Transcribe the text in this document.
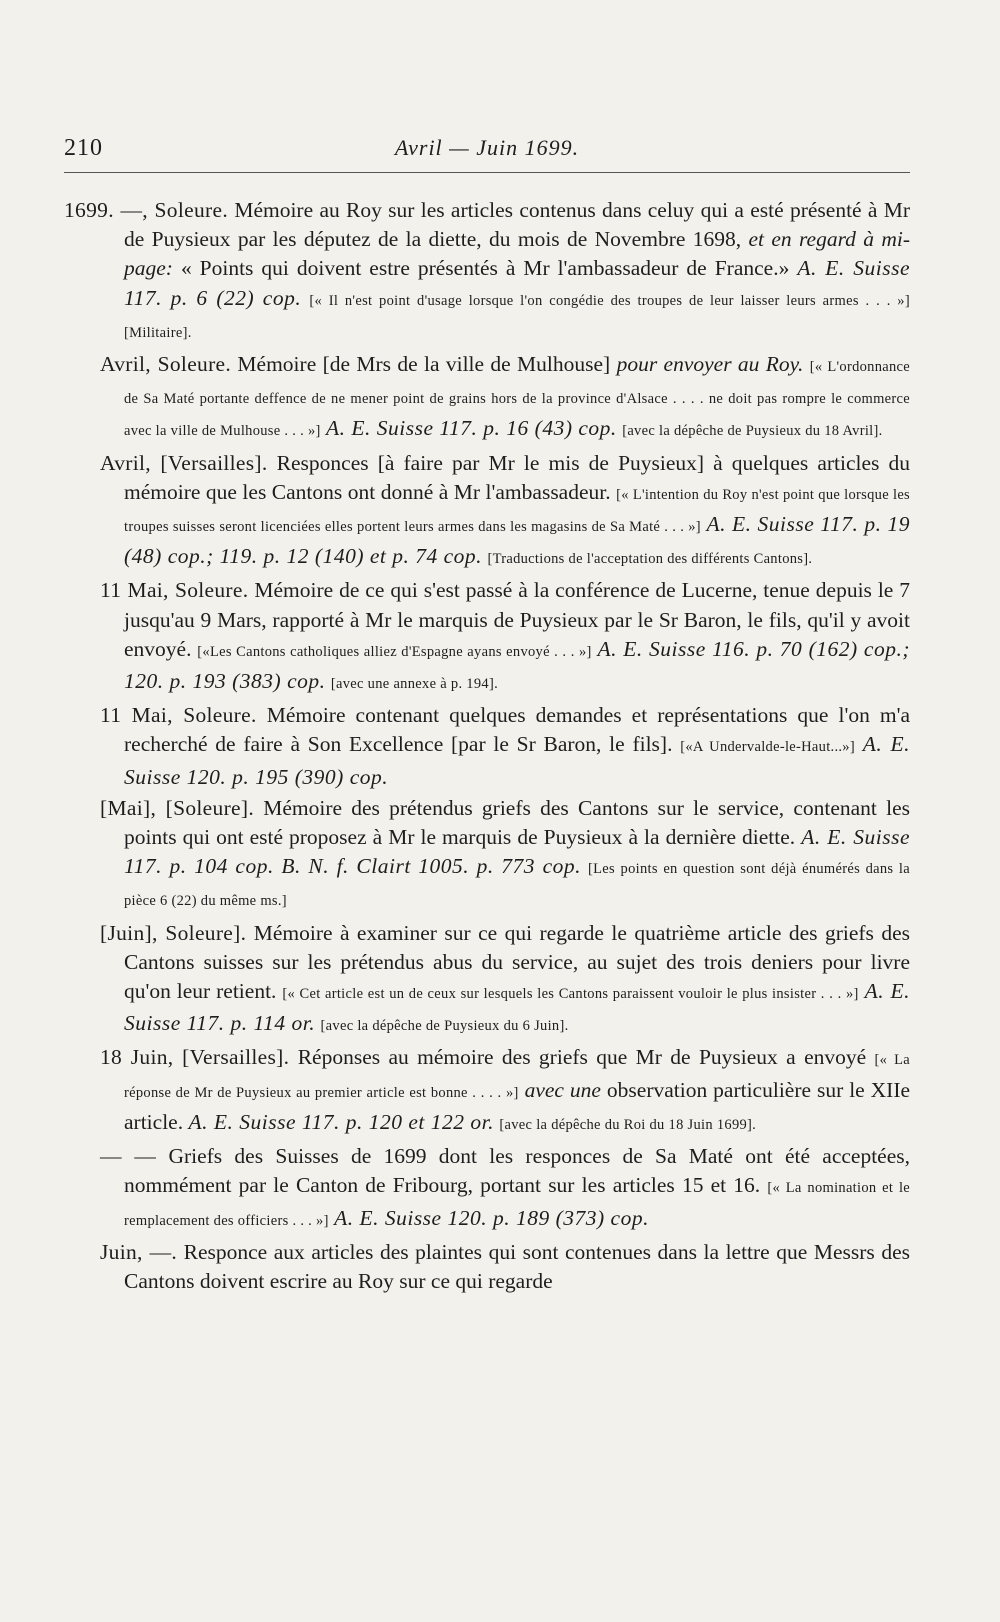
210	Avril — Juin 1699.

1699. —, Soleure. Mémoire au Roy sur les articles contenus dans celuy qui a esté présenté à Mr de Puysieux par les députez de la diette, du mois de Novembre 1698, et en regard à mi-page: « Points qui doivent estre présentés à Mr l'ambassadeur de France.» A. E. Suisse 117. p. 6 (22) cop. [« Il n'est point d'usage lorsque l'on congédie des troupes de leur laisser leurs armes . . . »] [Militaire].

Avril, Soleure. Mémoire [de Mrs de la ville de Mulhouse] pour envoyer au Roy. [« L'ordonnance de Sa Maté portante deffence de ne mener point de grains hors de la province d'Alsace . . . . ne doit pas rompre le commerce avec la ville de Mulhouse . . . »] A. E. Suisse 117. p. 16 (43) cop. [avec la dépêche de Puysieux du 18 Avril].

Avril, [Versailles]. Responces [à faire par Mr le mis de Puysieux] à quelques articles du mémoire que les Cantons ont donné à Mr l'ambassadeur. [« L'intention du Roy n'est point que lorsque les troupes suisses seront licenciées elles portent leurs armes dans les magasins de Sa Maté . . . »] A. E. Suisse 117. p. 19 (48) cop.; 119. p. 12 (140) et p. 74 cop. [Traductions de l'acceptation des différents Cantons].

11 Mai, Soleure. Mémoire de ce qui s'est passé à la conférence de Lucerne, tenue depuis le 7 jusqu'au 9 Mars, rapporté à Mr le marquis de Puysieux par le Sr Baron, le fils, qu'il y avoit envoyé. [«Les Cantons catholiques alliez d'Espagne ayans envoyé . . . »] A. E. Suisse 116. p. 70 (162) cop.; 120. p. 193 (383) cop. [avec une annexe à p. 194].

11 Mai, Soleure. Mémoire contenant quelques demandes et représentations que l'on m'a recherché de faire à Son Excellence [par le Sr Baron, le fils]. [«A Undervalde-le-Haut...»] A. E. Suisse 120. p. 195 (390) cop.

[Mai], [Soleure]. Mémoire des prétendus griefs des Cantons sur le service, contenant les points qui ont esté proposez à Mr le marquis de Puysieux à la dernière diette. A. E. Suisse 117. p. 104 cop. B. N. f. Clairt 1005. p. 773 cop. [Les points en question sont déjà énumérés dans la pièce 6 (22) du même ms.]

[Juin], Soleure]. Mémoire à examiner sur ce qui regarde le quatrième article des griefs des Cantons suisses sur les prétendus abus du service, au sujet des trois deniers pour livre qu'on leur retient. [« Cet article est un de ceux sur lesquels les Cantons paraissent vouloir le plus insister . . . »] A. E. Suisse 117. p. 114 or. [avec la dépêche de Puysieux du 6 Juin].

18 Juin, [Versailles]. Réponses au mémoire des griefs que Mr de Puysieux a envoyé [« La réponse de Mr de Puysieux au premier article est bonne . . . . »] avec une observation particulière sur le XIIe article. A. E. Suisse 117. p. 120 et 122 or. [avec la dépêche du Roi du 18 Juin 1699].

— — Griefs des Suisses de 1699 dont les responces de Sa Maté ont été acceptées, nommément par le Canton de Fribourg, portant sur les articles 15 et 16. [« La nomination et le remplacement des officiers . . . »] A. E. Suisse 120. p. 189 (373) cop.

Juin, —. Responce aux articles des plaintes qui sont contenues dans la lettre que Messrs des Cantons doivent escrire au Roy sur ce qui regarde
